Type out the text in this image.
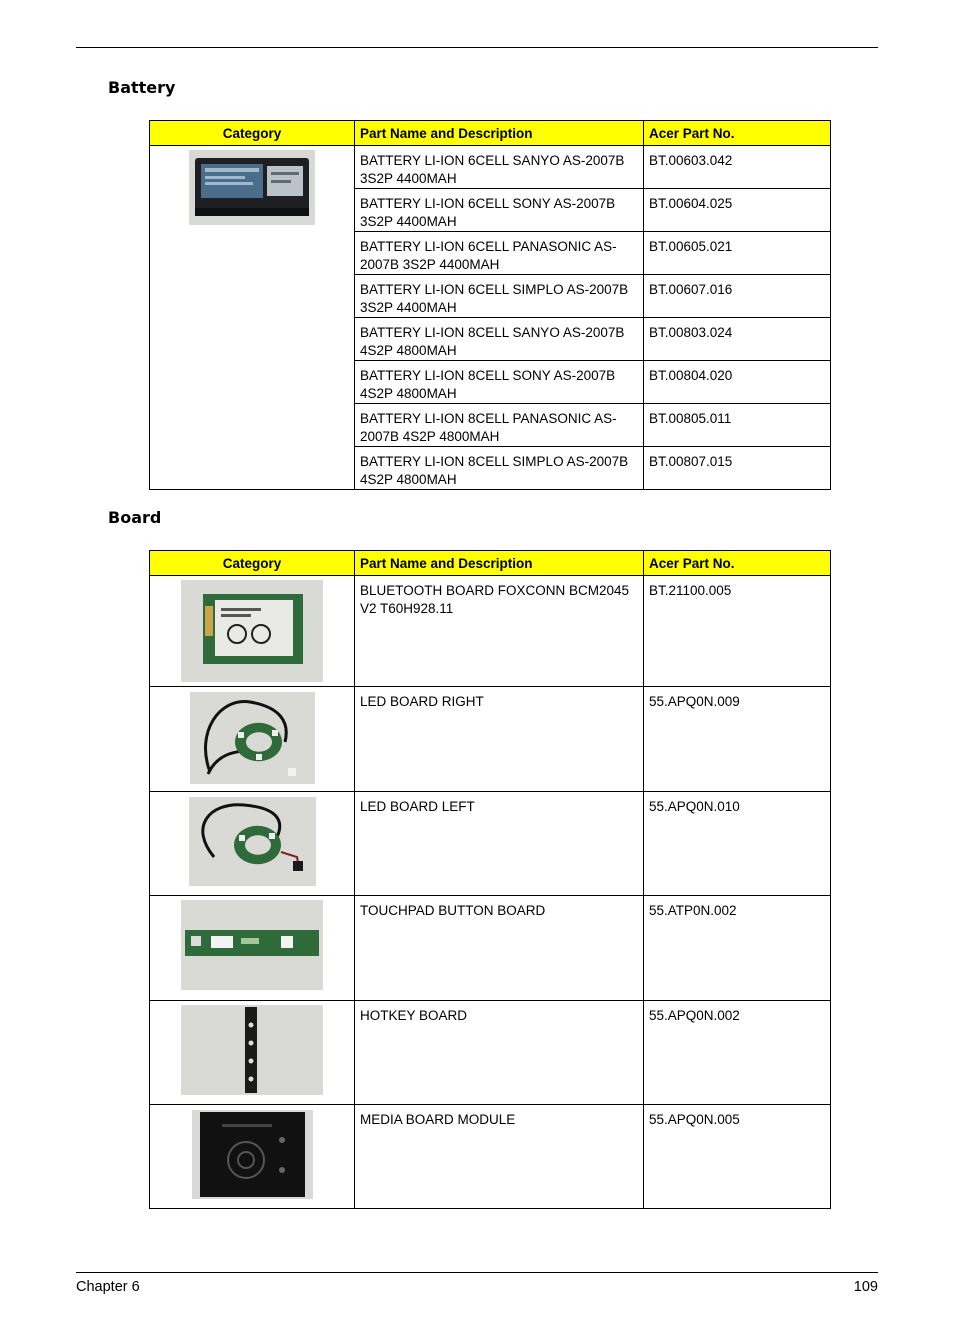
Battery
Category	Part Name and Description	Acer Part No.

	BATTERY LI-ION 6CELL SANYO AS-2007B 3S2P 4400MAH	BT.00603.042
	BATTERY LI-ION 6CELL SONY AS-2007B 3S2P 4400MAH	BT.00604.025
	BATTERY LI-ION 6CELL PANASONIC AS-2007B 3S2P 4400MAH	BT.00605.021
	BATTERY LI-ION 6CELL SIMPLO AS-2007B 3S2P 4400MAH	BT.00607.016
	BATTERY LI-ION 8CELL SANYO AS-2007B 4S2P 4800MAH	BT.00803.024
	BATTERY LI-ION 8CELL SONY AS-2007B 4S2P 4800MAH	BT.00804.020
	BATTERY LI-ION 8CELL PANASONIC AS-2007B 4S2P 4800MAH	BT.00805.011
	BATTERY LI-ION 8CELL SIMPLO AS-2007B 4S2P 4800MAH	BT.00807.015
Board
Category	Part Name and Description	Acer Part No.

	BLUETOOTH BOARD FOXCONN BCM2045 V2 T60H928.11	BT.21100.005

	LED BOARD RIGHT	55.APQ0N.009

	LED BOARD LEFT	55.APQ0N.010

	TOUCHPAD BUTTON BOARD	55.ATP0N.002

	HOTKEY BOARD	55.APQ0N.002

	MEDIA BOARD MODULE	55.APQ0N.005
Chapter 6	109
